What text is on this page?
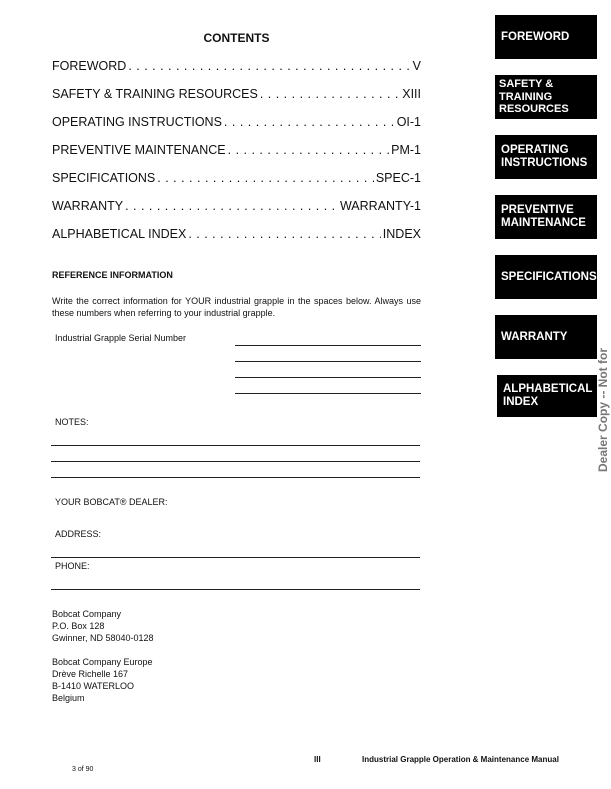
CONTENTS
FOREWORD . . .	V
SAFETY & TRAINING RESOURCES . . .	XIII
OPERATING INSTRUCTIONS . . .	OI-1
PREVENTIVE MAINTENANCE . . .	PM-1
SPECIFICATIONS . . .	SPEC-1
WARRANTY . . .	WARRANTY-1
ALPHABETICAL INDEX . . .	INDEX
REFERENCE INFORMATION
Write the correct information for YOUR industrial grapple in the spaces below. Always use these numbers when referring to your industrial grapple.
Industrial Grapple Serial Number
NOTES:
YOUR BOBCAT® DEALER:
ADDRESS:
PHONE:
Bobcat Company
P.O. Box 128
Gwinner, ND 58040-0128
Bobcat Company Europe
Drève Richelle 167
B-1410 WATERLOO
Belgium
III	Industrial Grapple Operation & Maintenance Manual
3 of 90
FOREWORD
SAFETY &
TRAINING
RESOURCES
OPERATING
INSTRUCTIONS
PREVENTIVE
MAINTENANCE
SPECIFICATIONS
WARRANTY
ALPHABETICAL
INDEX	Dealer Copy -- Not for
